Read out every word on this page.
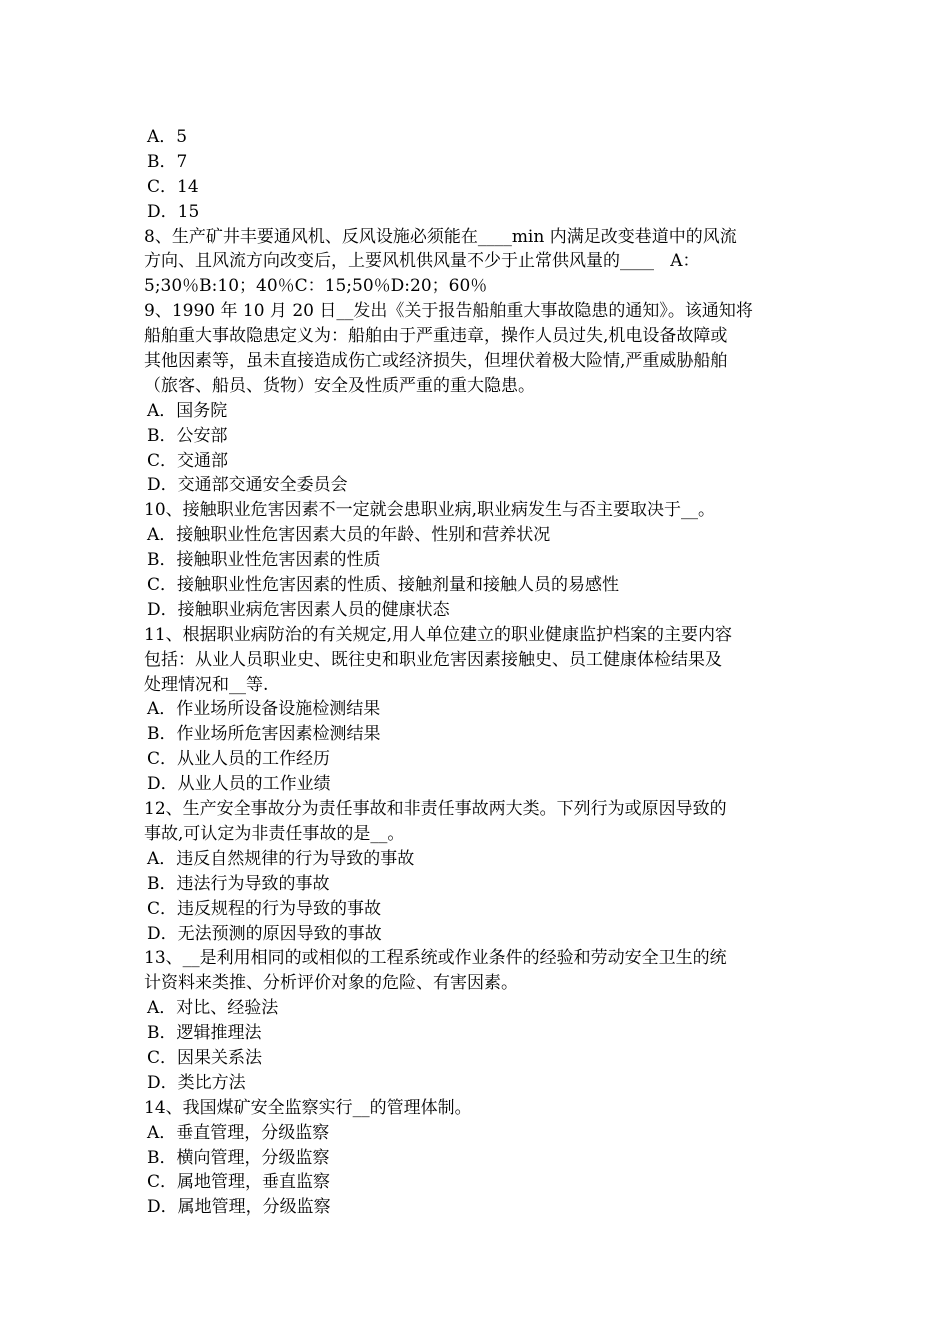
A．5
B．7
C．14
D．15
8、生产矿井丰要通风机、反风设施必须能在____min 内满足改变巷道中的风流
方向、且风流方向改变后，上要风机供风量不少于止常供风量的____   A：
5;30％B:10；40％C：15;50％D:20；60％
9、1990 年 10 月 20 日__发出《关于报告船舶重大事故隐患的通知》。该通知将
船舶重大事故隐患定义为：船舶由于严重违章，操作人员过失,机电设备故障或
其他因素等，虽未直接造成伤亡或经济损失，但埋伏着极大险情,严重威胁船舶
（旅客、船员、货物）安全及性质严重的重大隐患。
A．国务院
B．公安部
C．交通部
D．交通部交通安全委员会
10、接触职业危害因素不一定就会患职业病,职业病发生与否主要取决于__。
A．接触职业性危害因素大员的年龄、性别和营养状况
B．接触职业性危害因素的性质
C．接触职业性危害因素的性质、接触剂量和接触人员的易感性
D．接触职业病危害因素人员的健康状态
11、根据职业病防治的有关规定,用人单位建立的职业健康监护档案的主要内容
包括：从业人员职业史、既往史和职业危害因素接触史、员工健康体检结果及
处理情况和__等.
A．作业场所设备设施检测结果
B．作业场所危害因素检测结果
C．从业人员的工作经历
D．从业人员的工作业绩
12、生产安全事故分为责任事故和非责任事故两大类。下列行为或原因导致的
事故,可认定为非责任事故的是__。
A．违反自然规律的行为导致的事故
B．违法行为导致的事故
C．违反规程的行为导致的事故
D．无法预测的原因导致的事故
13、__是利用相同的或相似的工程系统或作业条件的经验和劳动安全卫生的统
计资料来类推、分析评价对象的危险、有害因素。
A．对比、经验法
B．逻辑推理法
C．因果关系法
D．类比方法
14、我国煤矿安全监察实行__的管理体制。
A．垂直管理，分级监察
B．横向管理，分级监察
C．属地管理，垂直监察
D．属地管理，分级监察
